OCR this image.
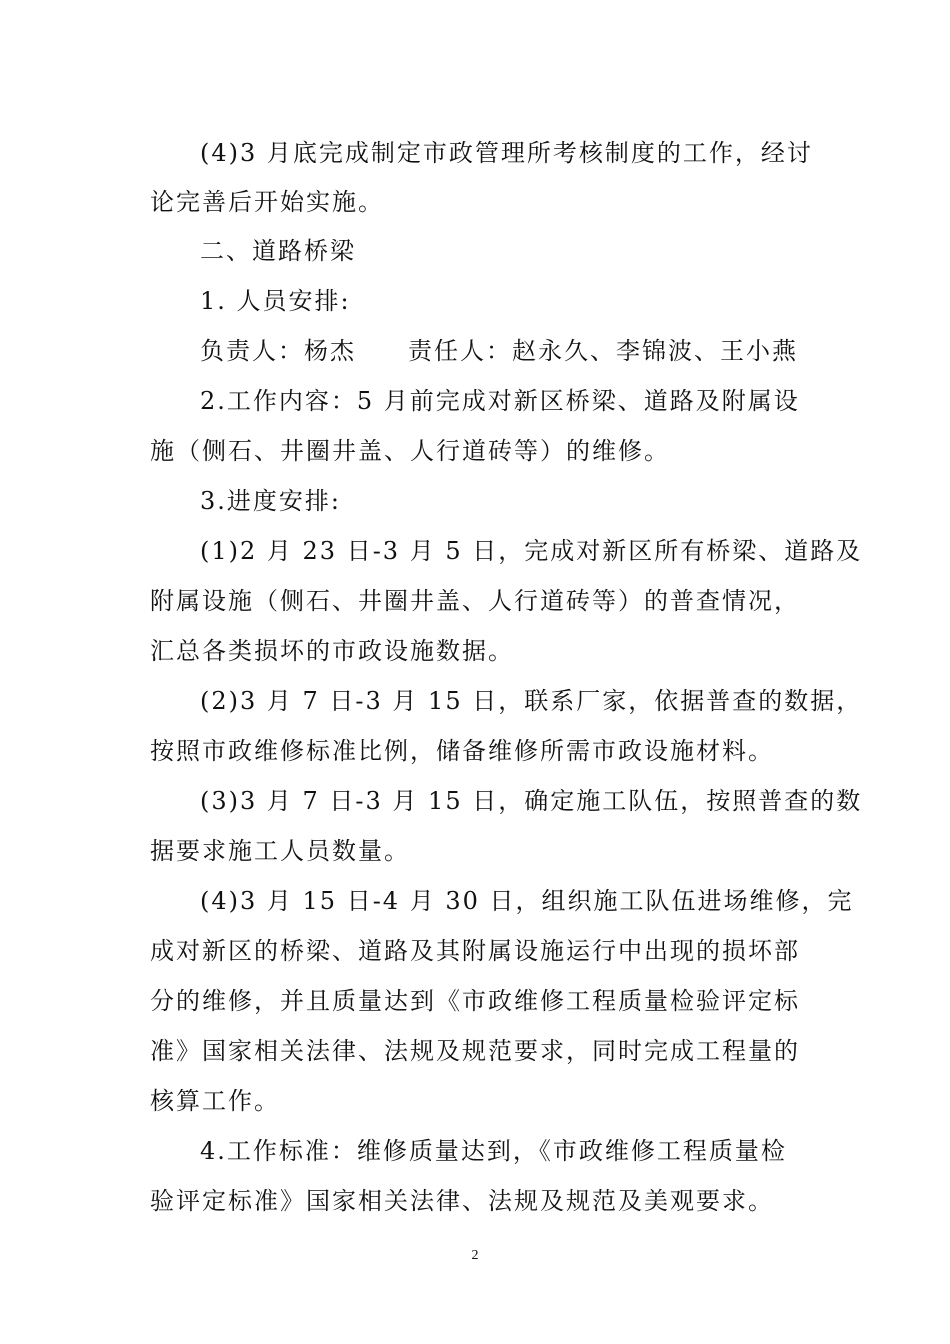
(4)3 月底完成制定市政管理所考核制度的工作，经讨
论完善后开始实施。
二、道路桥梁
1. 人员安排:
负责人：杨杰　　责任人：赵永久、李锦波、王小燕
2.工作内容：5 月前完成对新区桥梁、道路及附属设
施（侧石、井圈井盖、人行道砖等）的维修。
3.进度安排:
(1)2 月 23 日-3 月 5 日，完成对新区所有桥梁、道路及
附属设施（侧石、井圈井盖、人行道砖等）的普查情况，
汇总各类损坏的市政设施数据。
(2)3 月 7 日-3 月 15 日，联系厂家，依据普查的数据，
按照市政维修标准比例，储备维修所需市政设施材料。
(3)3 月 7 日-3 月 15 日，确定施工队伍，按照普查的数
据要求施工人员数量。
(4)3 月 15 日-4 月 30 日，组织施工队伍进场维修，完
成对新区的桥梁、道路及其附属设施运行中出现的损坏部
分的维修，并且质量达到《市政维修工程质量检验评定标
准》国家相关法律、法规及规范要求，同时完成工程量的
核算工作。
4.工作标准：维修质量达到，《市政维修工程质量检
验评定标准》国家相关法律、法规及规范及美观要求。
2
